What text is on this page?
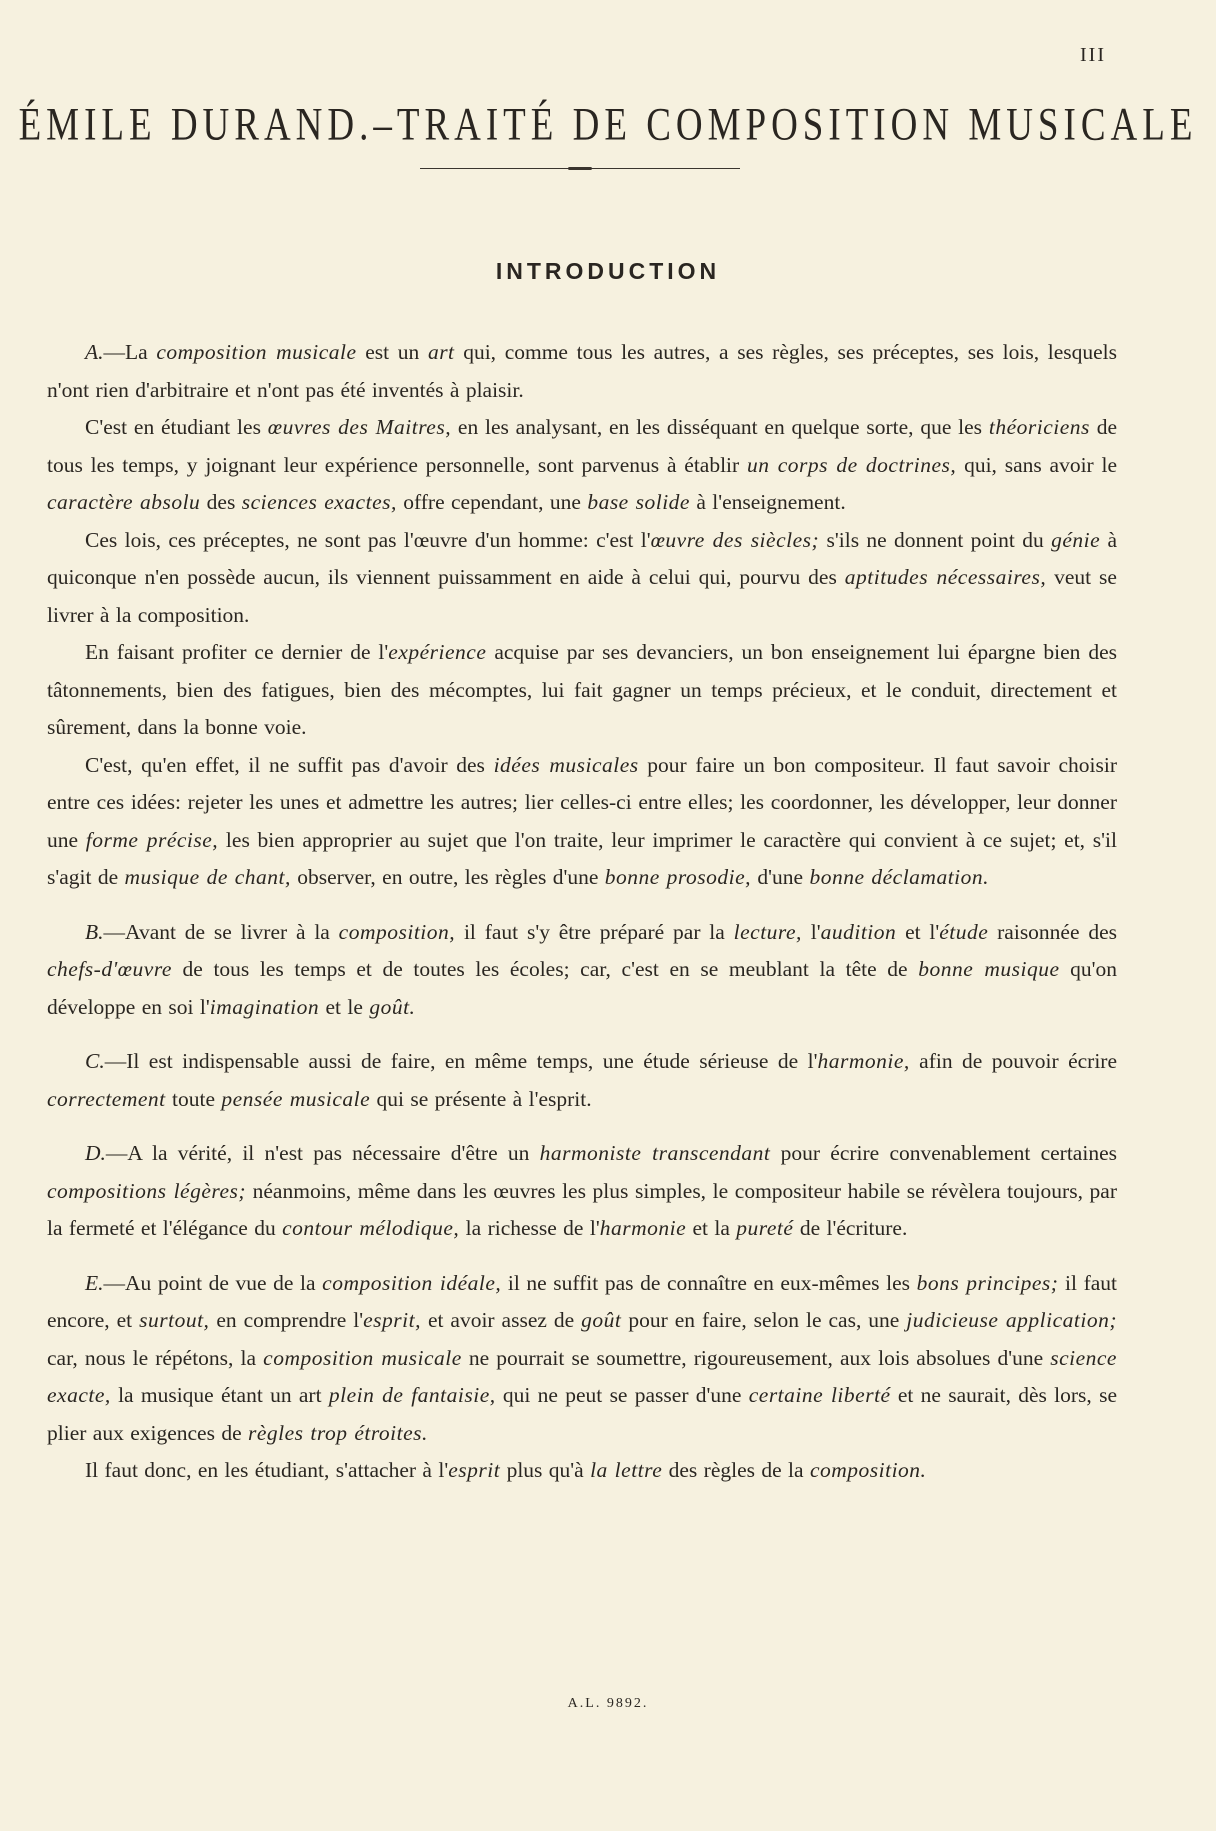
III
ÉMILE DURAND.–TRAITÉ DE COMPOSITION MUSICALE
INTRODUCTION

A.—La composition musicale est un art qui, comme tous les autres, a ses règles, ses préceptes, ses lois, lesquels n'ont rien d'arbitraire et n'ont pas été inventés à plaisir.

C'est en étudiant les œuvres des Maitres, en les analysant, en les disséquant en quelque sorte, que les théoriciens de tous les temps, y joignant leur expérience personnelle, sont parvenus à établir un corps de doctrines, qui, sans avoir le caractère absolu des sciences exactes, offre cependant, une base solide à l'enseignement.

Ces lois, ces préceptes, ne sont pas l'œuvre d'un homme: c'est l'œuvre des siècles; s'ils ne donnent point du génie à quiconque n'en possède aucun, ils viennent puissamment en aide à celui qui, pourvu des aptitudes nécessaires, veut se livrer à la composition.

En faisant profiter ce dernier de l'expérience acquise par ses devanciers, un bon enseignement lui épargne bien des tâtonnements, bien des fatigues, bien des mécomptes, lui fait gagner un temps précieux, et le conduit, directement et sûrement, dans la bonne voie.

C'est, qu'en effet, il ne suffit pas d'avoir des idées musicales pour faire un bon compositeur. Il faut savoir choisir entre ces idées: rejeter les unes et admettre les autres; lier celles-ci entre elles; les coordonner, les développer, leur donner une forme précise, les bien approprier au sujet que l'on traite, leur imprimer le caractère qui convient à ce sujet; et, s'il s'agit de musique de chant, observer, en outre, les règles d'une bonne prosodie, d'une bonne déclamation.

B.—Avant de se livrer à la composition, il faut s'y être préparé par la lecture, l'audition et l'étude raisonnée des chefs-d'œuvre de tous les temps et de toutes les écoles; car, c'est en se meublant la tête de bonne musique qu'on développe en soi l'imagination et le goût.

C.—Il est indispensable aussi de faire, en même temps, une étude sérieuse de l'harmonie, afin de pouvoir écrire correctement toute pensée musicale qui se présente à l'esprit.

D.—A la vérité, il n'est pas nécessaire d'être un harmoniste transcendant pour écrire convenablement certaines compositions légères; néanmoins, même dans les œuvres les plus simples, le compositeur habile se révèlera toujours, par la fermeté et l'élégance du contour mélodique, la richesse de l'harmonie et la pureté de l'écriture.

E.—Au point de vue de la composition idéale, il ne suffit pas de connaître en eux-mêmes les bons principes; il faut encore, et surtout, en comprendre l'esprit, et avoir assez de goût pour en faire, selon le cas, une judicieuse application; car, nous le répétons, la composition musicale ne pourrait se soumettre, rigoureusement, aux lois absolues d'une science exacte, la musique étant un art plein de fantaisie, qui ne peut se passer d'une certaine liberté et ne saurait, dès lors, se plier aux exigences de règles trop étroites.

Il faut donc, en les étudiant, s'attacher à l'esprit plus qu'à la lettre des règles de la composition.

A.L. 9892.
